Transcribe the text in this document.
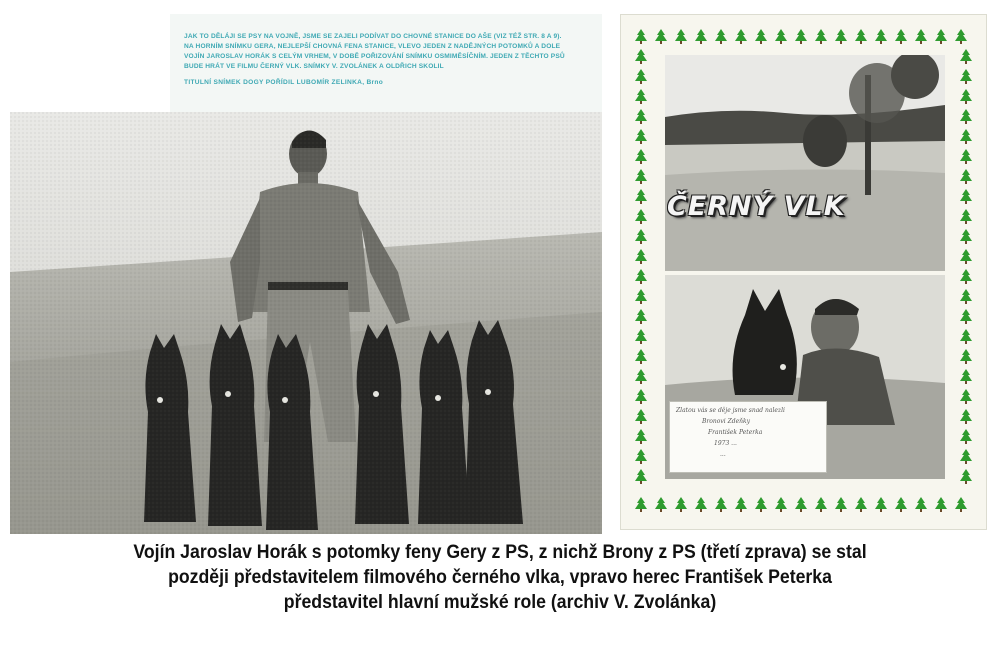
JAK TO DĚLÁJI SE PSY NA VOJNĚ, JSME SE ZAJELI PODÍVAT DO CHOVNÉ STANICE DO AŠE (VIZ TÉŽ STR. 8 A 9). NA HORNÍM SNÍMKU GERA, NEJLEPŠÍ CHOVNÁ FENA STANICE, VLEVO JEDEN Z NADĚJNÝCH POTOMKŮ A DOLE VOJÍN JAROSLAV HORÁK S CELÝM VRHEM, V DOBĚ POŘIZOVÁNÍ SNÍMKU OSMIMĚSÍČNÍM. JEDEN Z TĚCHTO PSŮ BUDE HRÁT VE FILMU ČERNÝ VLK. SNÍMKY V. ZVOLÁNEK A OLDŘICH SKOLIL
TITULNÍ SNÍMEK DOGY POŘÍDIL LUBOMÍR ZELINKA, Brno
ČERNÝ VLK
Zlatou vás se děje jsme snad nalezli
Bronovi Zdeňky
František Peterka
1973 ...
...
Vojín Jaroslav Horák s potomky feny Gery z PS, z nichž Brony z PS (třetí zprava) se stal
později představitelem filmového černého vlka, vpravo herec František Peterka
představitel hlavní mužské role (archiv V. Zvolánka)
